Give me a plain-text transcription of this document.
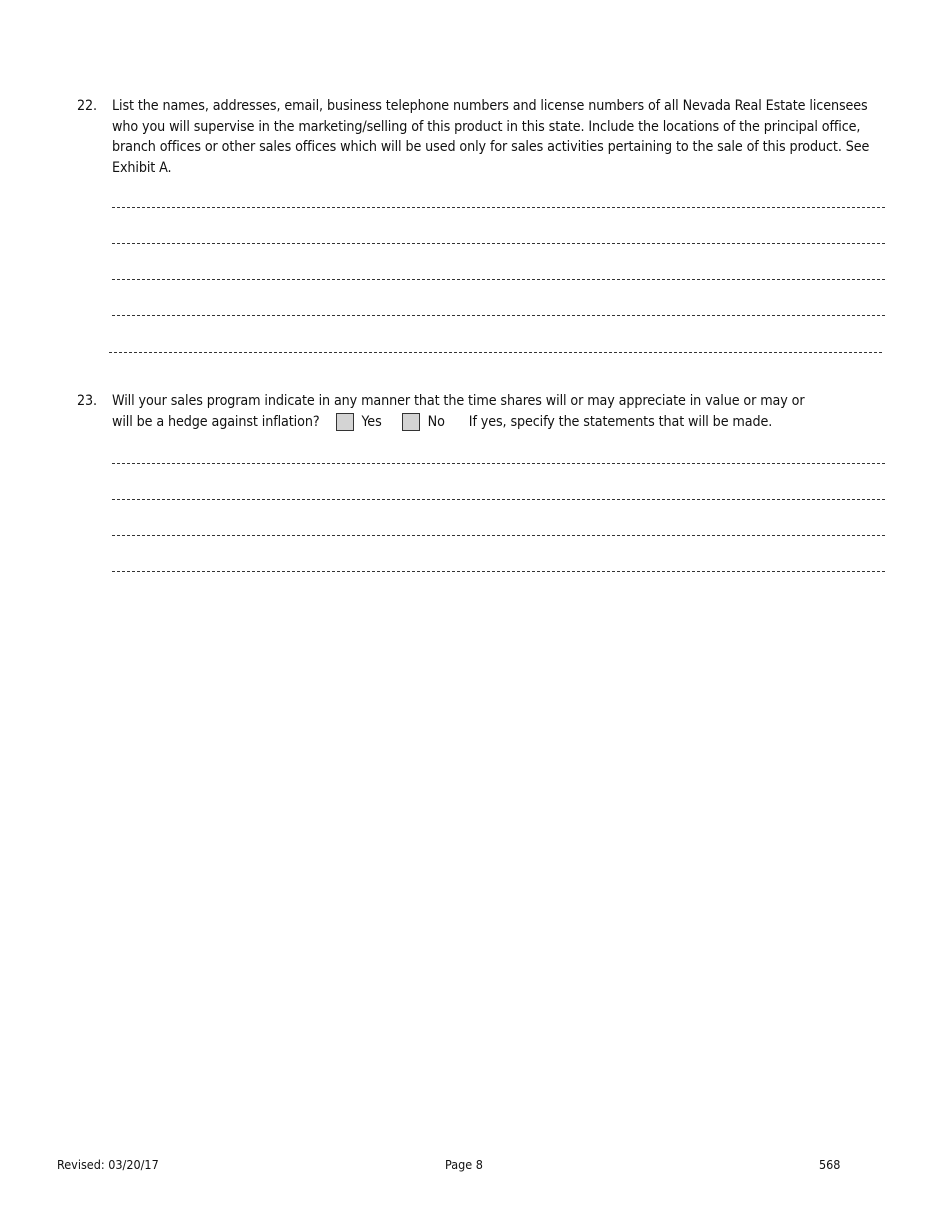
22. List the names, addresses, email, business telephone numbers and license numbers of all Nevada Real Estate licensees who you will supervise in the marketing/selling of this product in this state. Include the locations of the principal office, branch offices or other sales offices which will be used only for sales activities pertaining to the sale of this product. See Exhibit A.
23. Will your sales program indicate in any manner that the time shares will or may appreciate in value or may or
will be a hedge against inflation?	Yes	No If yes, specify the statements that will be made.
Revised: 03/20/17	Page 8	568
